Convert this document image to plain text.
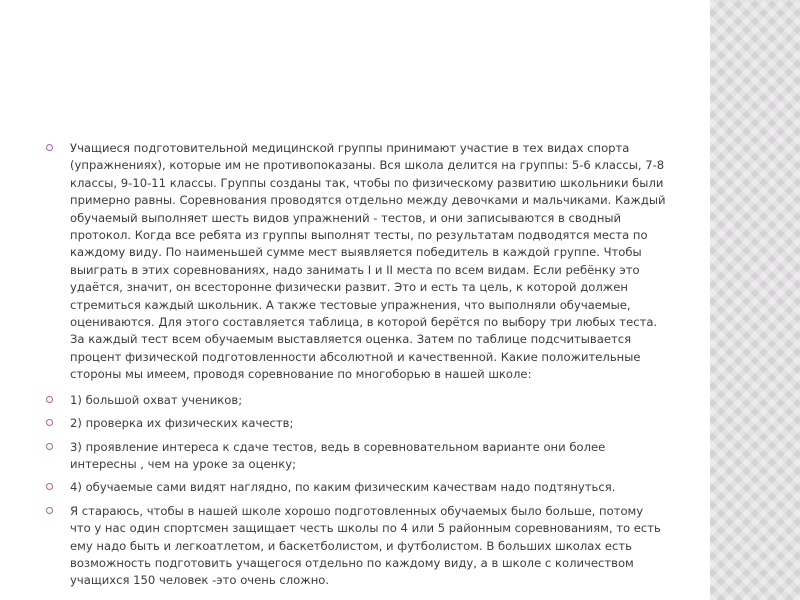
Учащиеся подготовительной медицинской группы принимают участие в тех видах спорта (упражнениях), которые им не противопоказаны. Вся школа делится на группы: 5-6 классы, 7-8 классы, 9-10-11 классы. Группы созданы так, чтобы по физическому развитию школьники были примерно равны. Соревнования проводятся отдельно между девочками и мальчиками. Каждый обучаемый выполняет шесть видов упражнений - тестов, и они записываются в сводный протокол. Когда все ребята из группы выполнят тесты, по результатам подводятся места по каждому виду. По наименьшей сумме мест выявляется победитель в каждой группе. Чтобы выиграть в этих соревнованиях, надо занимать I и II места по всем видам. Если ребёнку это удаётся, значит, он всесторонне физически развит. Это и есть та цель, к которой должен стремиться каждый школьник. А также тестовые упражнения, что выполняли обучаемые, оцениваются. Для этого составляется таблица, в которой берётся по выбору три любых теста. За каждый тест всем обучаемым выставляется оценка. Затем по таблице подсчитывается процент физической подготовленности абсолютной и качественной. Какие положительные стороны мы имеем, проводя соревнование по многоборью в нашей школе:
1) большой охват учеников;
2) проверка их физических качеств;
3) проявление интереса к сдаче тестов, ведь в соревновательном варианте они более интересны , чем на уроке за оценку;
4) обучаемые сами видят наглядно, по каким физическим качествам надо подтянуться.
Я стараюсь, чтобы в нашей школе хорошо подготовленных обучаемых было больше, потому что у нас один спортсмен защищает честь школы по 4 или 5 районным соревнованиям, то есть ему надо быть и легкоатлетом, и баскетболистом, и футболистом. В больших школах есть возможность подготовить учащегося отдельно по каждому виду, а в школе с количеством учащихся 150 человек -это очень сложно.
